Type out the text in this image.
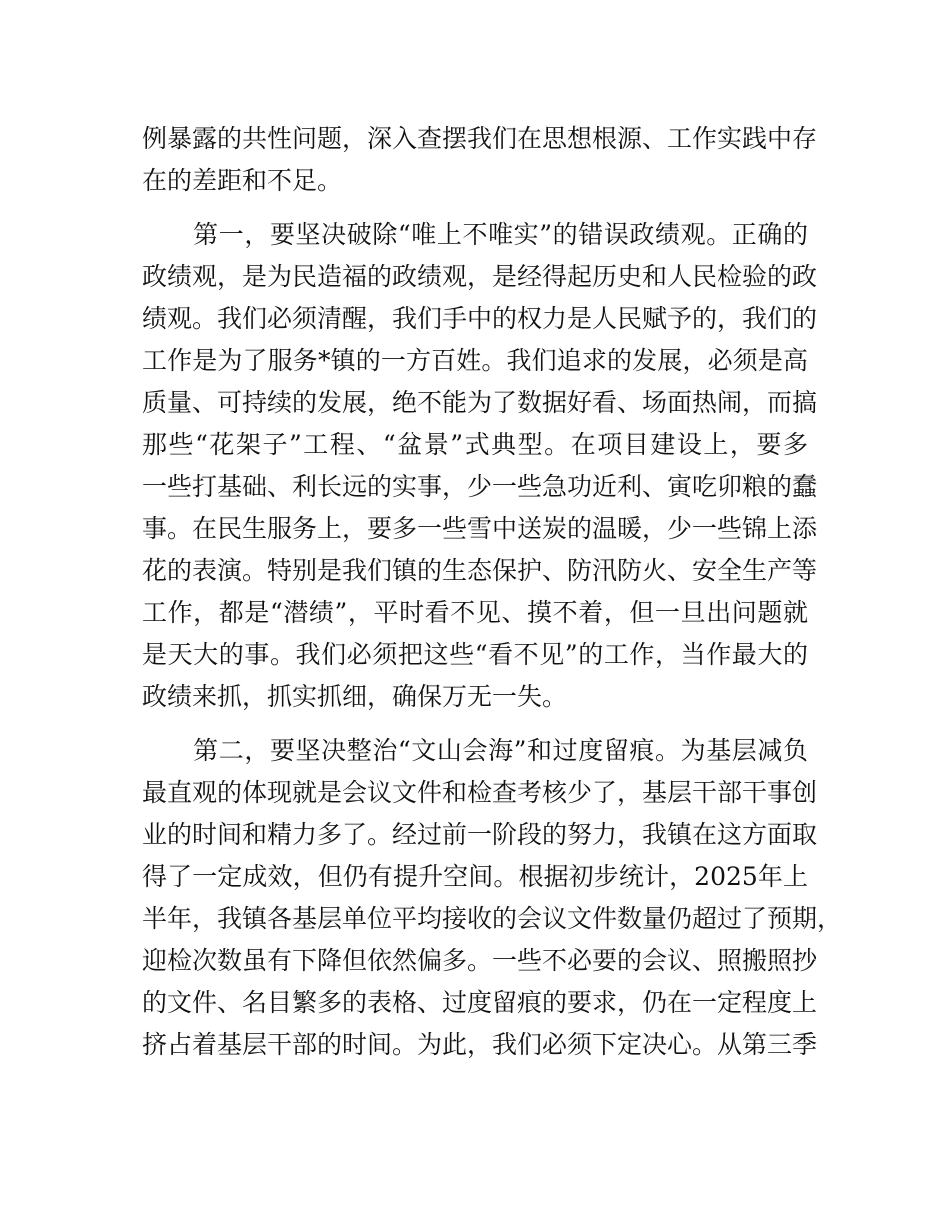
例暴露的共性问题，深入查摆我们在思想根源、工作实践中存
在的差距和不足。
　　第一，要坚决破除“唯上不唯实”的错误政绩观。正确的
政绩观，是为民造福的政绩观，是经得起历史和人民检验的政
绩观。我们必须清醒，我们手中的权力是人民赋予的，我们的
工作是为了服务*镇的一方百姓。我们追求的发展，必须是高
质量、可持续的发展，绝不能为了数据好看、场面热闹，而搞
那些“花架子”工程、“盆景”式典型。在项目建设上，要多
一些打基础、利长远的实事，少一些急功近利、寅吃卯粮的蠢
事。在民生服务上，要多一些雪中送炭的温暖，少一些锦上添
花的表演。特别是我们镇的生态保护、防汛防火、安全生产等
工作，都是“潜绩”，平时看不见、摸不着，但一旦出问题就
是天大的事。我们必须把这些“看不见”的工作，当作最大的
政绩来抓，抓实抓细，确保万无一失。
　　第二，要坚决整治“文山会海”和过度留痕。为基层减负
最直观的体现就是会议文件和检查考核少了，基层干部干事创
业的时间和精力多了。经过前一阶段的努力，我镇在这方面取
得了一定成效，但仍有提升空间。根据初步统计，2025年上
半年，我镇各基层单位平均接收的会议文件数量仍超过了预期，
迎检次数虽有下降但依然偏多。一些不必要的会议、照搬照抄
的文件、名目繁多的表格、过度留痕的要求，仍在一定程度上
挤占着基层干部的时间。为此，我们必须下定决心。从第三季
